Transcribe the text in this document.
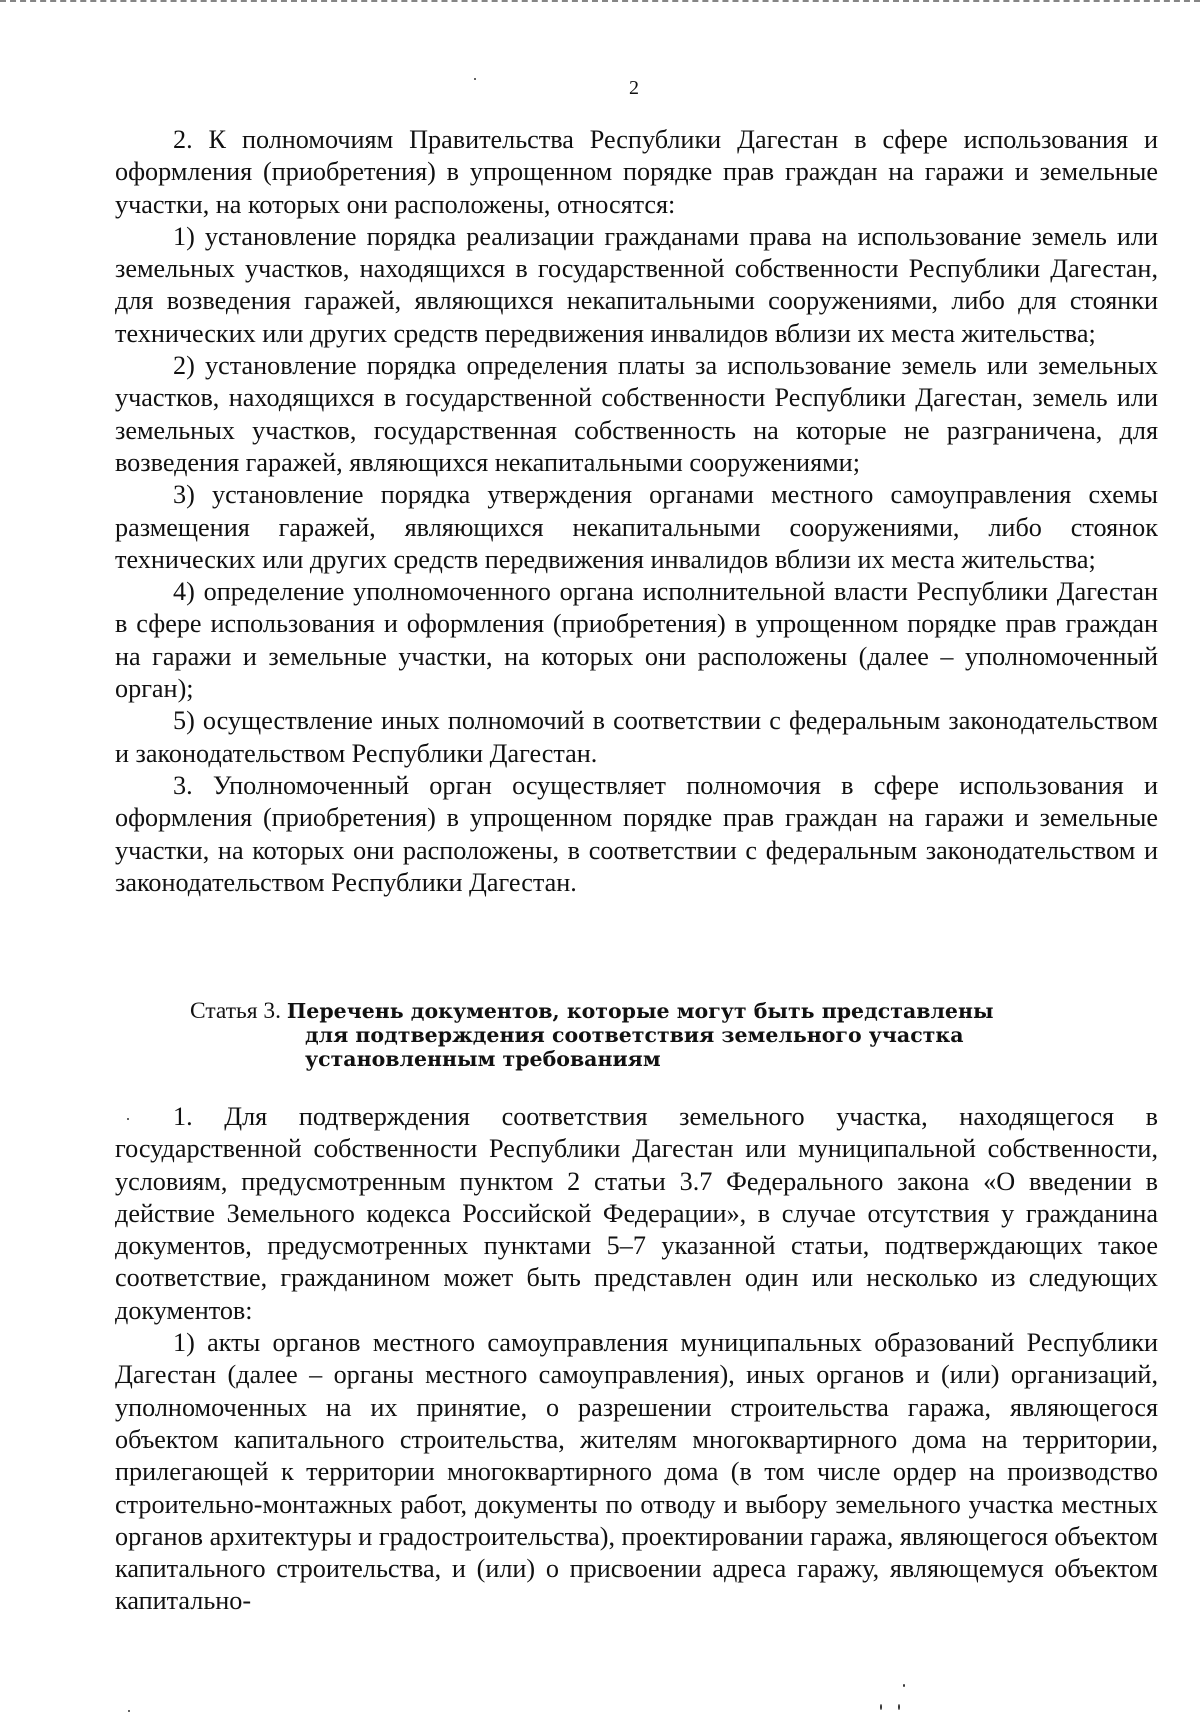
2

2. К полномочиям Правительства Республики Дагестан в сфере использования и оформления (приобретения) в упрощенном порядке прав граждан на гаражи и земельные участки, на которых они расположены, относятся:

1) установление порядка реализации гражданами права на использование земель или земельных участков, находящихся в государственной собственности Республики Дагестан, для возведения гаражей, являющихся некапитальными сооружениями, либо для стоянки технических или других средств передвижения инвалидов вблизи их места жительства;

2) установление порядка определения платы за использование земель или земельных участков, находящихся в государственной собственности Республики Дагестан, земель или земельных участков, государственная собственность на которые не разграничена, для возведения гаражей, являющихся некапитальными сооружениями;

3) установление порядка утверждения органами местного самоуправления схемы размещения гаражей, являющихся некапитальными сооружениями, либо стоянок технических или других средств передвижения инвалидов вблизи их места жительства;

4) определение уполномоченного органа исполнительной власти Республики Дагестан в сфере использования и оформления (приобретения) в упрощенном порядке прав граждан на гаражи и земельные участки, на которых они расположены (далее – уполномоченный орган);

5) осуществление иных полномочий в соответствии с федеральным законодательством и законодательством Республики Дагестан.

3. Уполномоченный орган осуществляет полномочия в сфере использования и оформления (приобретения) в упрощенном порядке прав граждан на гаражи и земельные участки, на которых они расположены, в соответствии с федеральным законодательством и законодательством Республики Дагестан.

Статья 3. Перечень документов, которые могут быть представлены
для подтверждения соответствия земельного участка
установленным требованиям

1. Для подтверждения соответствия земельного участка, находящегося в государственной собственности Республики Дагестан или муниципальной собственности, условиям, предусмотренным пунктом 2 статьи 3.7 Федерального закона «О введении в действие Земельного кодекса Российской Федерации», в случае отсутствия у гражданина документов, предусмотренных пунктами 5–7 указанной статьи, подтверждающих такое соответствие, гражданином может быть представлен один или несколько из следующих документов:

1) акты органов местного самоуправления муниципальных образований Республики Дагестан (далее – органы местного самоуправления), иных органов и (или) организаций, уполномоченных на их принятие, о разрешении строительства гаража, являющегося объектом капитального строительства, жителям многоквартирного дома на территории, прилегающей к территории многоквартирного дома (в том числе ордер на производство строительно-монтажных работ, документы по отводу и выбору земельного участка местных органов архитектуры и градостроительства), проектировании гаража, являющегося объектом капитального строительства, и (или) о присвоении адреса гаражу, являющемуся объектом капитально-
